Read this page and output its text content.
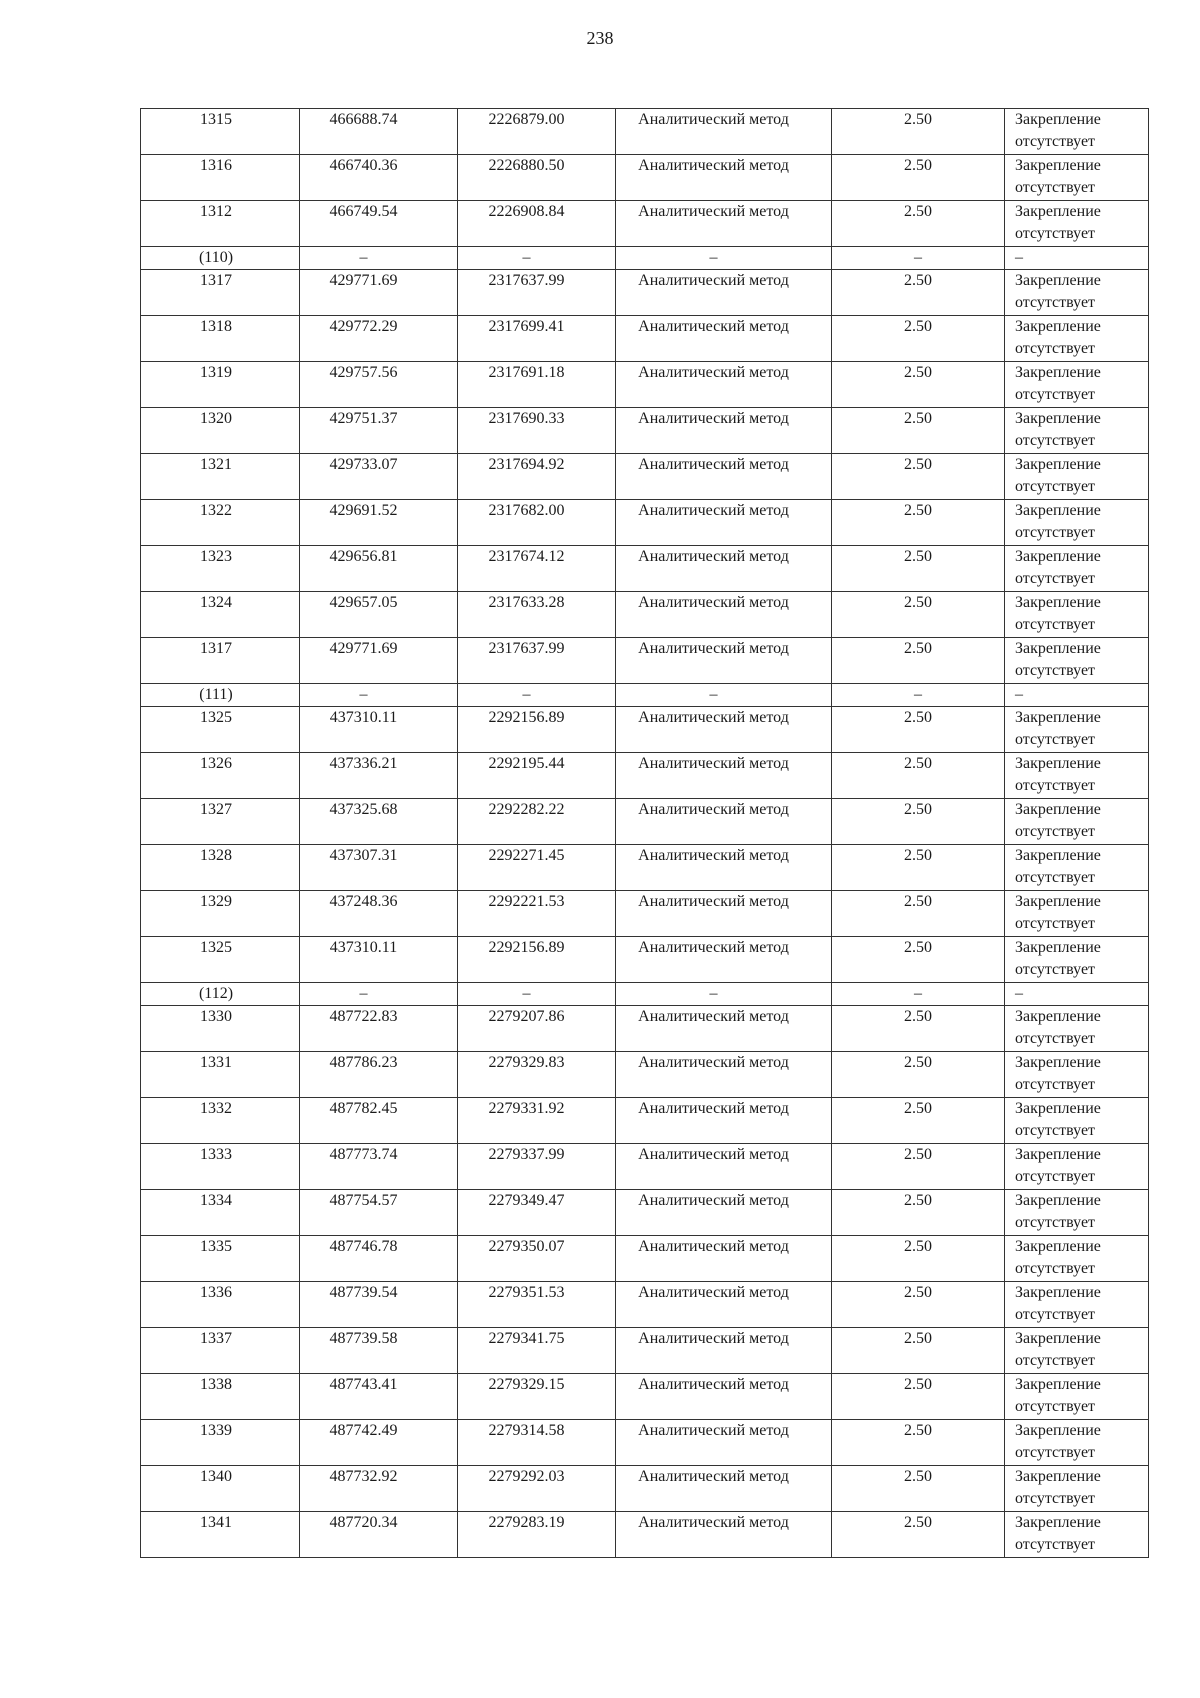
238
1315	466688.74	2226879.00	Аналитический метод	2.50	Закрепление отсутствует
1316	466740.36	2226880.50	Аналитический метод	2.50	Закрепление отсутствует
1312	466749.54	2226908.84	Аналитический метод	2.50	Закрепление отсутствует
(110)	–	–	–	–	–
1317	429771.69	2317637.99	Аналитический метод	2.50	Закрепление отсутствует
1318	429772.29	2317699.41	Аналитический метод	2.50	Закрепление отсутствует
1319	429757.56	2317691.18	Аналитический метод	2.50	Закрепление отсутствует
1320	429751.37	2317690.33	Аналитический метод	2.50	Закрепление отсутствует
1321	429733.07	2317694.92	Аналитический метод	2.50	Закрепление отсутствует
1322	429691.52	2317682.00	Аналитический метод	2.50	Закрепление отсутствует
1323	429656.81	2317674.12	Аналитический метод	2.50	Закрепление отсутствует
1324	429657.05	2317633.28	Аналитический метод	2.50	Закрепление отсутствует
1317	429771.69	2317637.99	Аналитический метод	2.50	Закрепление отсутствует
(111)	–	–	–	–	–
1325	437310.11	2292156.89	Аналитический метод	2.50	Закрепление отсутствует
1326	437336.21	2292195.44	Аналитический метод	2.50	Закрепление отсутствует
1327	437325.68	2292282.22	Аналитический метод	2.50	Закрепление отсутствует
1328	437307.31	2292271.45	Аналитический метод	2.50	Закрепление отсутствует
1329	437248.36	2292221.53	Аналитический метод	2.50	Закрепление отсутствует
1325	437310.11	2292156.89	Аналитический метод	2.50	Закрепление отсутствует
(112)	–	–	–	–	–
1330	487722.83	2279207.86	Аналитический метод	2.50	Закрепление отсутствует
1331	487786.23	2279329.83	Аналитический метод	2.50	Закрепление отсутствует
1332	487782.45	2279331.92	Аналитический метод	2.50	Закрепление отсутствует
1333	487773.74	2279337.99	Аналитический метод	2.50	Закрепление отсутствует
1334	487754.57	2279349.47	Аналитический метод	2.50	Закрепление отсутствует
1335	487746.78	2279350.07	Аналитический метод	2.50	Закрепление отсутствует
1336	487739.54	2279351.53	Аналитический метод	2.50	Закрепление отсутствует
1337	487739.58	2279341.75	Аналитический метод	2.50	Закрепление отсутствует
1338	487743.41	2279329.15	Аналитический метод	2.50	Закрепление отсутствует
1339	487742.49	2279314.58	Аналитический метод	2.50	Закрепление отсутствует
1340	487732.92	2279292.03	Аналитический метод	2.50	Закрепление отсутствует
1341	487720.34	2279283.19	Аналитический метод	2.50	Закрепление отсутствует
